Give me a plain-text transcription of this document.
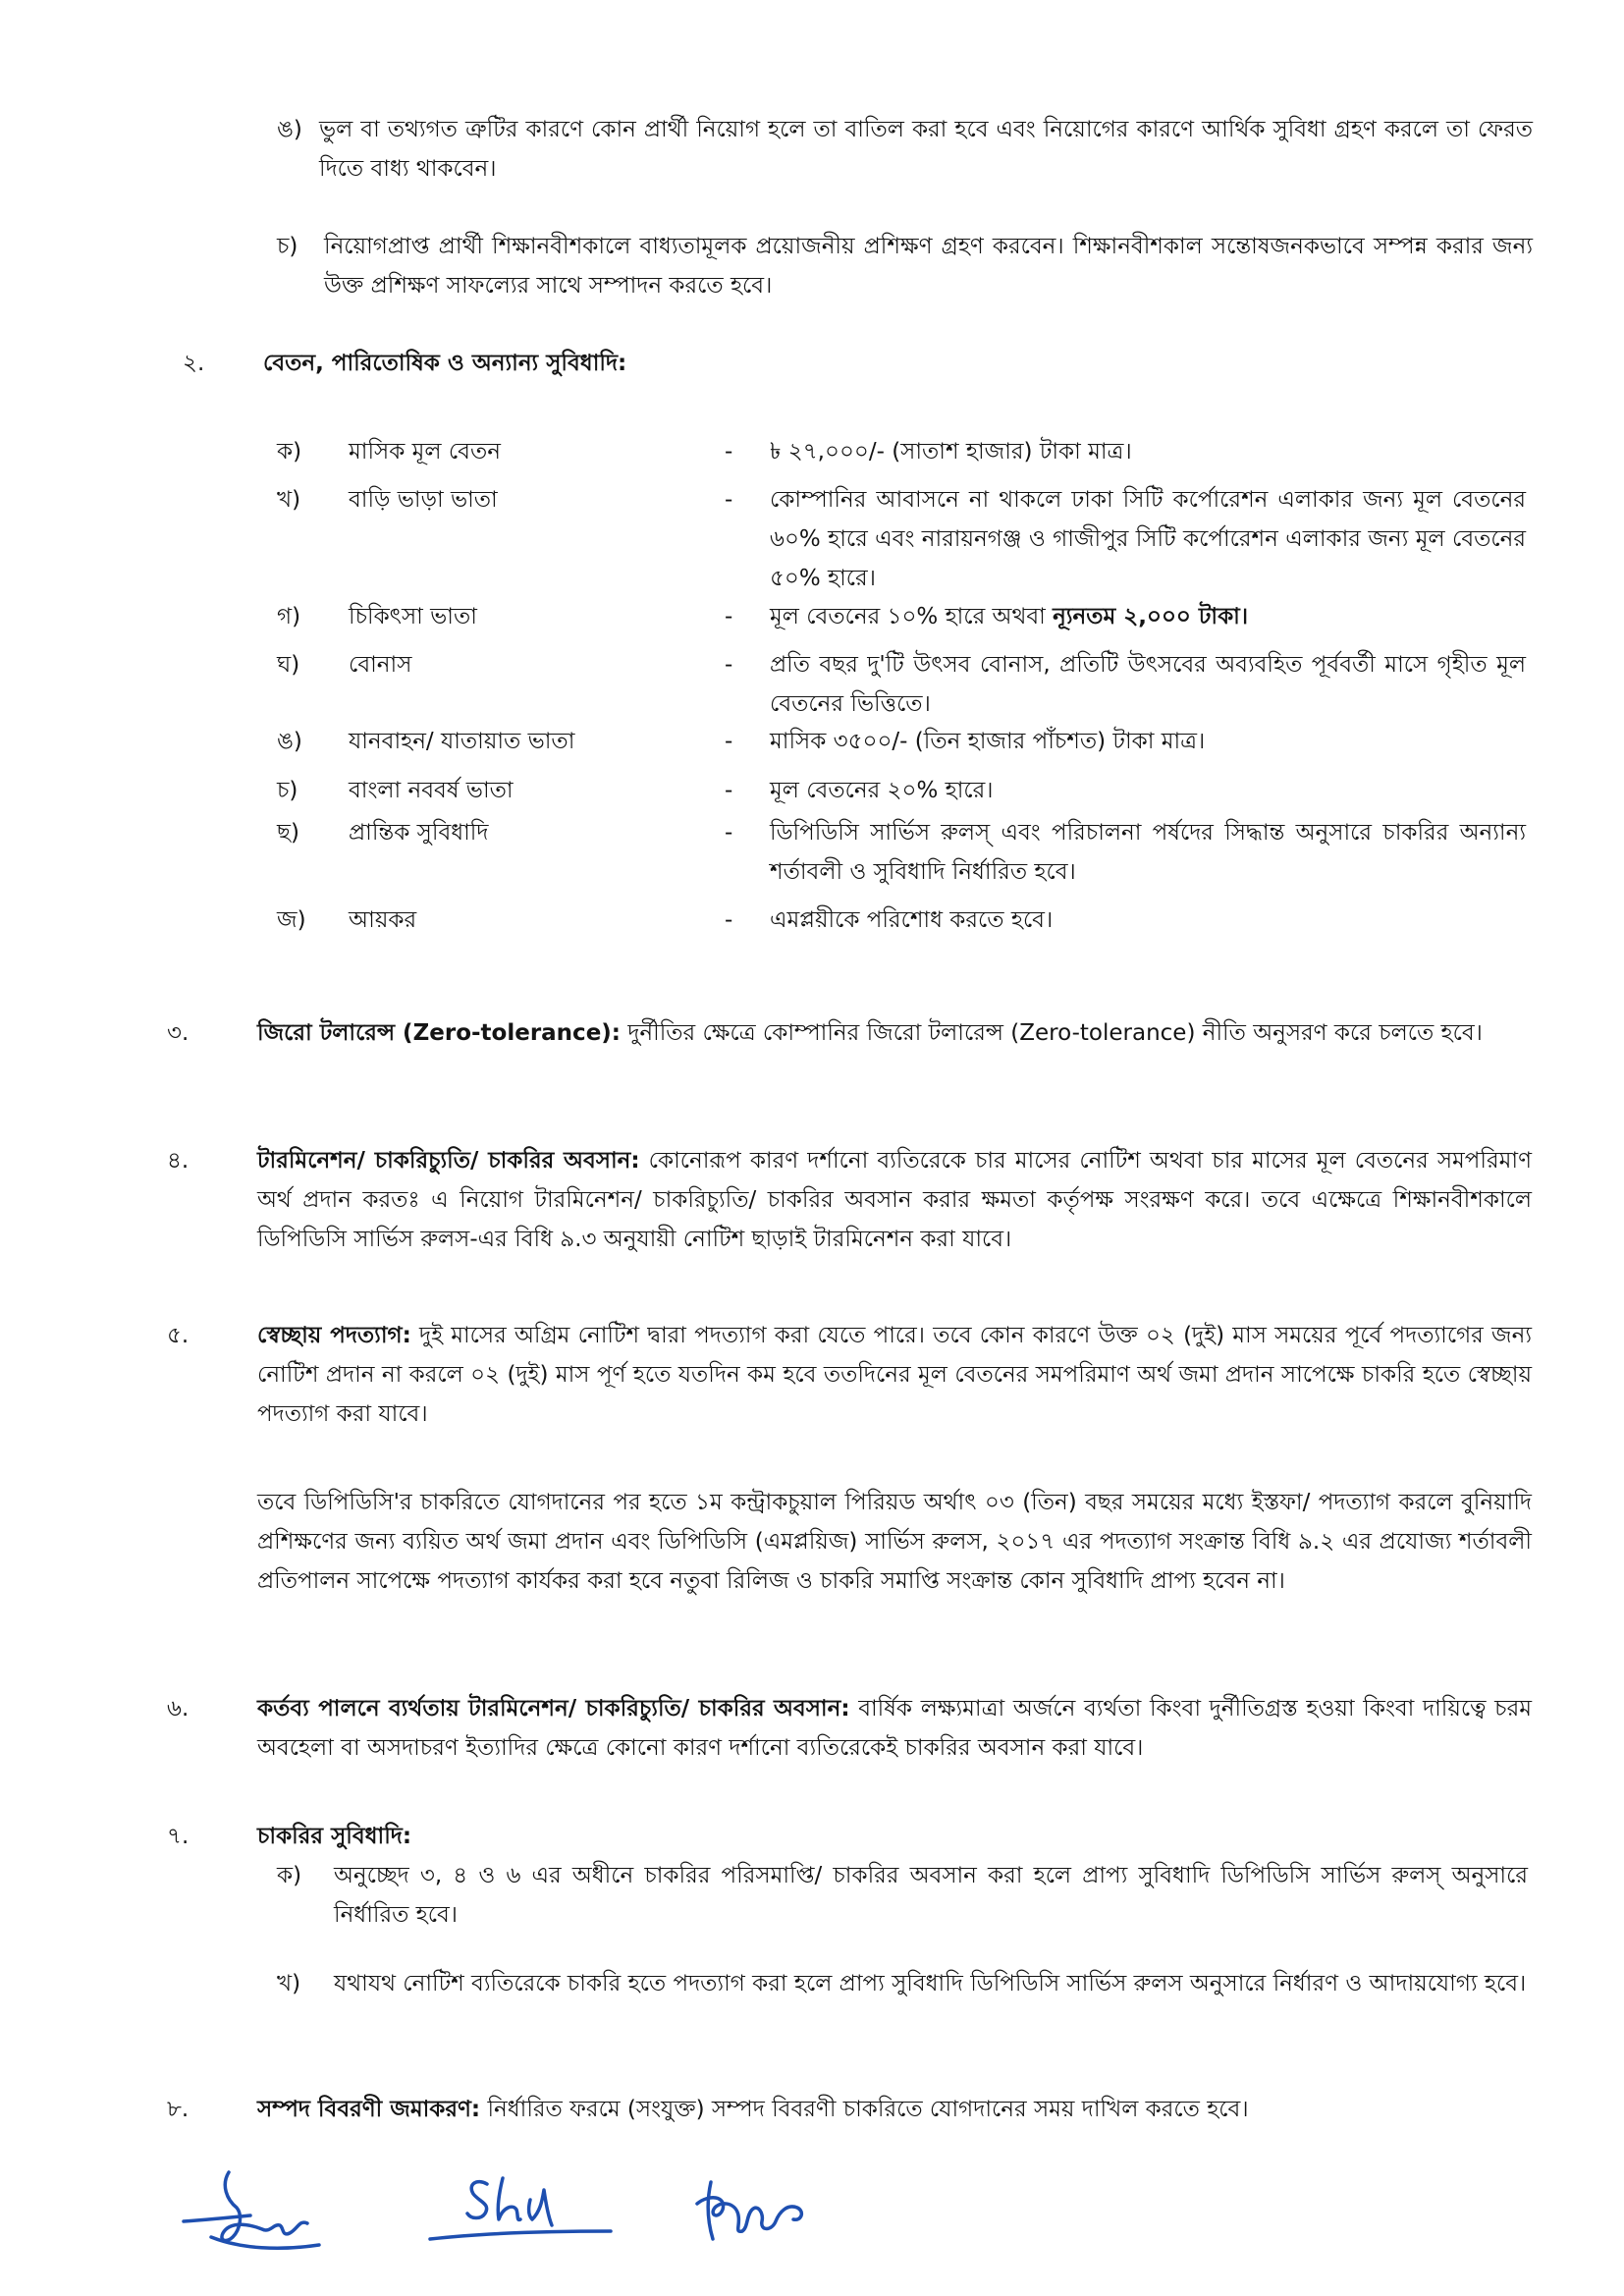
ঙ) ভুল বা তথ্যগত ত্রুটির কারণে কোন প্রার্থী নিয়োগ হলে তা বাতিল করা হবে এবং নিয়োগের কারণে আর্থিক সুবিধা গ্রহণ করলে তা ফেরত দিতে বাধ্য থাকবেন।
চ) নিয়োগপ্রাপ্ত প্রার্থী শিক্ষানবীশকালে বাধ্যতামূলক প্রয়োজনীয় প্রশিক্ষণ গ্রহণ করবেন। শিক্ষানবীশকাল সন্তোষজনকভাবে সম্পন্ন করার জন্য উক্ত প্রশিক্ষণ সাফল্যের সাথে সম্পাদন করতে হবে।
২.	বেতন, পারিতোষিক ও অন্যান্য সুবিধাদি:
ক) মাসিক মূল বেতন	- ৳ ২৭,০০০/- (সাতাশ হাজার) টাকা মাত্র।
খ) বাড়ি ভাড়া ভাতা	- কোম্পানির আবাসনে না থাকলে ঢাকা সিটি কর্পোরেশন এলাকার জন্য মূল বেতনের ৬০% হারে এবং নারায়নগঞ্জ ও গাজীপুর সিটি কর্পোরেশন এলাকার জন্য মূল বেতনের ৫০% হারে।
গ) চিকিৎসা ভাতা	- মূল বেতনের ১০% হারে অথবা ন্যূনতম ২,০০০ টাকা।
ঘ) বোনাস	- প্রতি বছর দু'টি উৎসব বোনাস, প্রতিটি উৎসবের অব্যবহিত পূর্ববর্তী মাসে গৃহীত মূল বেতনের ভিত্তিতে।
ঙ) যানবাহন/ যাতায়াত ভাতা	- মাসিক ৩৫০০/- (তিন হাজার পাঁচশত) টাকা মাত্র।
চ) বাংলা নববর্ষ ভাতা	- মূল বেতনের ২০% হারে।
ছ) প্রান্তিক সুবিধাদি	- ডিপিডিসি সার্ভিস রুলস্ এবং পরিচালনা পর্ষদের সিদ্ধান্ত অনুসারে চাকরির অন্যান্য শর্তাবলী ও সুবিধাদি নির্ধারিত হবে।
জ) আয়কর	- এমপ্লয়ীকে পরিশোধ করতে হবে।
৩.	জিরো টলারেন্স (Zero-tolerance): দুর্নীতির ক্ষেত্রে কোম্পানির জিরো টলারেন্স (Zero-tolerance) নীতি অনুসরণ করে চলতে হবে।
৪.	টারমিনেশন/ চাকরিচ্যুতি/ চাকরির অবসান: কোনোরূপ কারণ দর্শানো ব্যতিরেকে চার মাসের নোটিশ অথবা চার মাসের মূল বেতনের সমপরিমাণ অর্থ প্রদান করতঃ এ নিয়োগ টারমিনেশন/ চাকরিচ্যুতি/ চাকরির অবসান করার ক্ষমতা কর্তৃপক্ষ সংরক্ষণ করে। তবে এক্ষেত্রে শিক্ষানবীশকালে ডিপিডিসি সার্ভিস রুলস-এর বিধি ৯.৩ অনুযায়ী নোটিশ ছাড়াই টারমিনেশন করা যাবে।
৫.	স্বেচ্ছায় পদত্যাগ: দুই মাসের অগ্রিম নোটিশ দ্বারা পদত্যাগ করা যেতে পারে। তবে কোন কারণে উক্ত ০২ (দুই) মাস সময়ের পূর্বে পদত্যাগের জন্য নোটিশ প্রদান না করলে ০২ (দুই) মাস পূর্ণ হতে যতদিন কম হবে ততদিনের মূল বেতনের সমপরিমাণ অর্থ জমা প্রদান সাপেক্ষে চাকরি হতে স্বেচ্ছায় পদত্যাগ করা যাবে।
তবে ডিপিডিসি'র চাকরিতে যোগদানের পর হতে ১ম কন্ট্রাকচুয়াল পিরিয়ড অর্থাৎ ০৩ (তিন) বছর সময়ের মধ্যে ইস্তফা/ পদত্যাগ করলে বুনিয়াদি প্রশিক্ষণের জন্য ব্যয়িত অর্থ জমা প্রদান এবং ডিপিডিসি (এমপ্লয়িজ) সার্ভিস রুলস, ২০১৭ এর পদত্যাগ সংক্রান্ত বিধি ৯.২ এর প্রযোজ্য শর্তাবলী প্রতিপালন সাপেক্ষে পদত্যাগ কার্যকর করা হবে নতুবা রিলিজ ও চাকরি সমাপ্তি সংক্রান্ত কোন সুবিধাদি প্রাপ্য হবেন না।
৬.	কর্তব্য পালনে ব্যর্থতায় টারমিনেশন/ চাকরিচ্যুতি/ চাকরির অবসান: বার্ষিক লক্ষ্যমাত্রা অর্জনে ব্যর্থতা কিংবা দুর্নীতিগ্রস্ত হওয়া কিংবা দায়িত্বে চরম অবহেলা বা অসদাচরণ ইত্যাদির ক্ষেত্রে কোনো কারণ দর্শানো ব্যতিরেকেই চাকরির অবসান করা যাবে।
৭.	চাকরির সুবিধাদি:
ক) অনুচ্ছেদ ৩, ৪ ও ৬ এর অধীনে চাকরির পরিসমাপ্তি/ চাকরির অবসান করা হলে প্রাপ্য সুবিধাদি ডিপিডিসি সার্ভিস রুলস্ অনুসারে নির্ধারিত হবে।
খ) যথাযথ নোটিশ ব্যতিরেকে চাকরি হতে পদত্যাগ করা হলে প্রাপ্য সুবিধাদি ডিপিডিসি সার্ভিস রুলস অনুসারে নির্ধারণ ও আদায়যোগ্য হবে।
৮.	সম্পদ বিবরণী জমাকরণ: নির্ধারিত ফরমে (সংযুক্ত) সম্পদ বিবরণী চাকরিতে যোগদানের সময় দাখিল করতে হবে।
